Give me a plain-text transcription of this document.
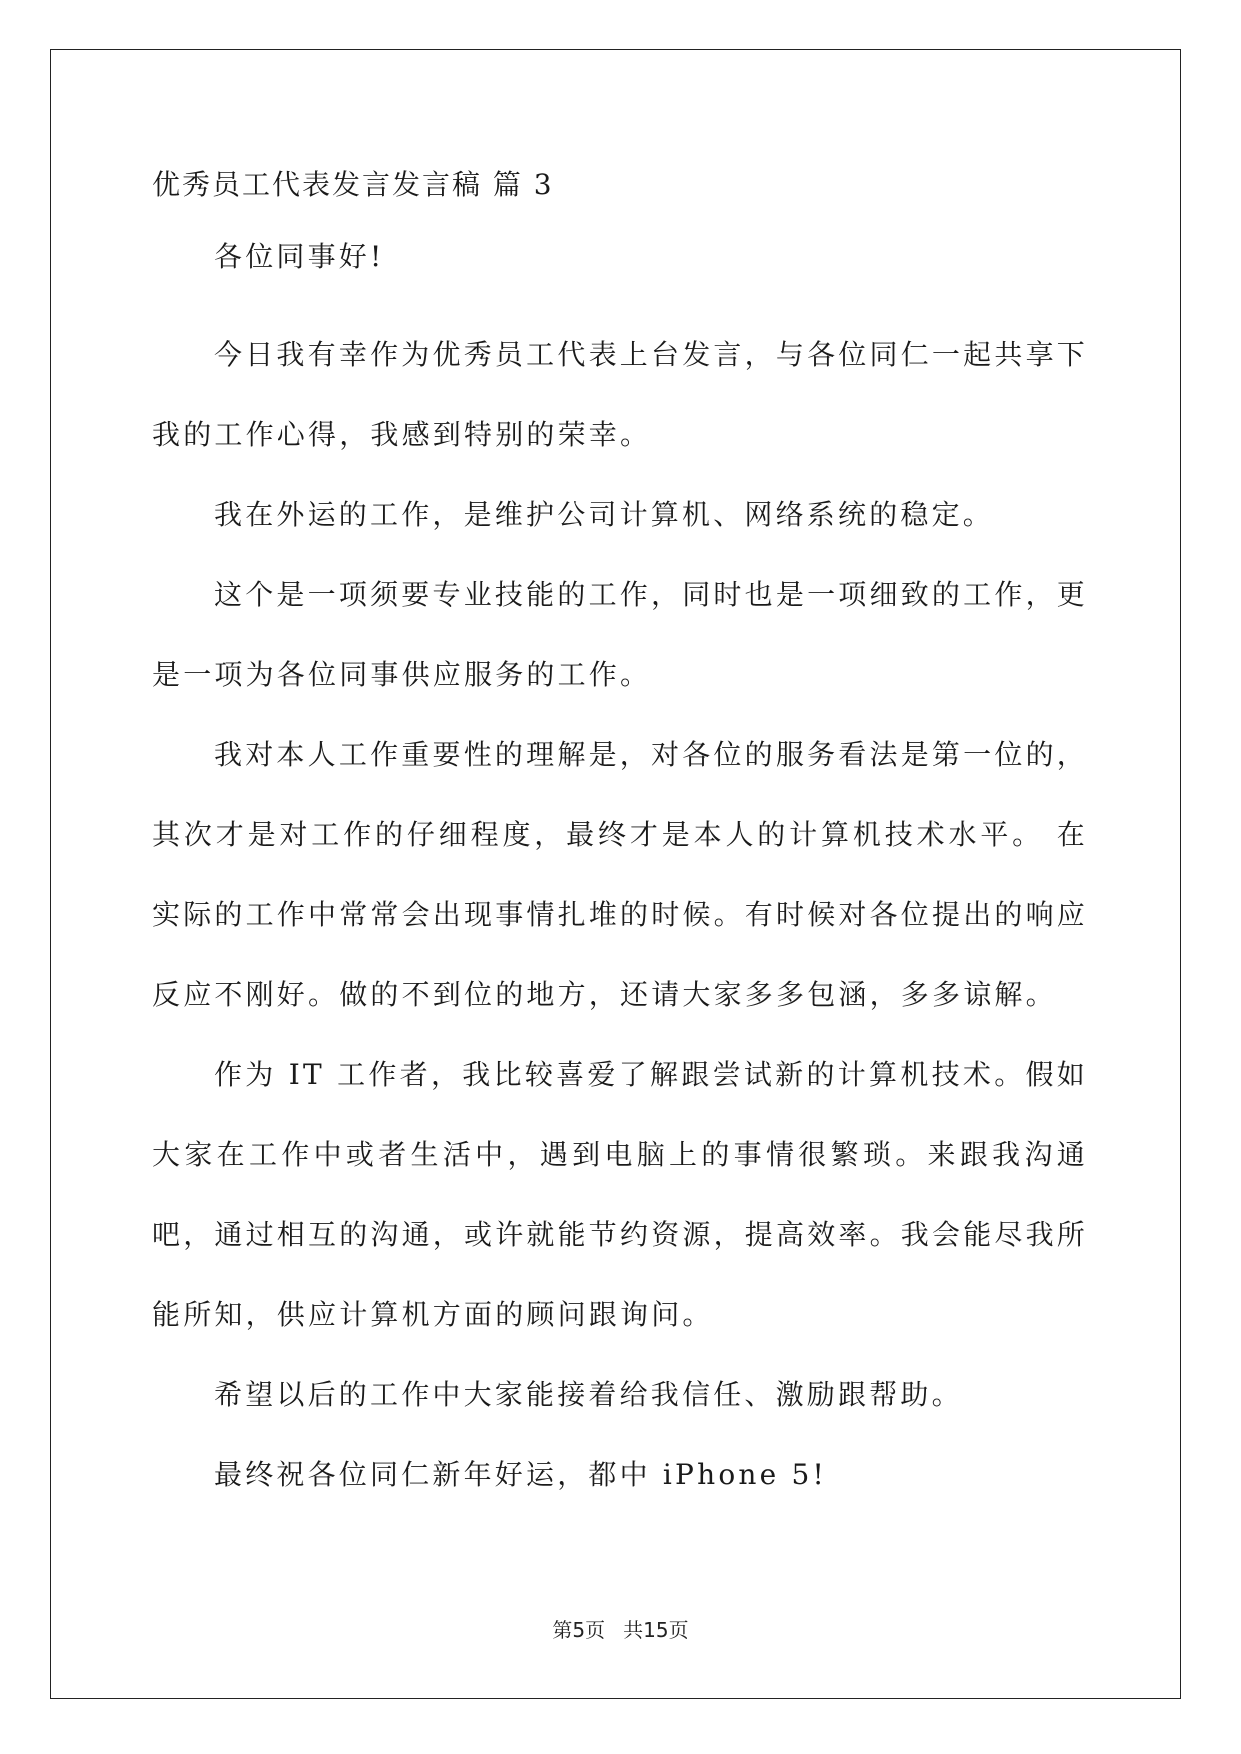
优秀员工代表发言发言稿 篇 3

各位同事好!

今日我有幸作为优秀员工代表上台发言，与各位同仁一起共享下我的工作心得，我感到特别的荣幸。

我在外运的工作，是维护公司计算机、网络系统的稳定。

这个是一项须要专业技能的工作，同时也是一项细致的工作，更是一项为各位同事供应服务的工作。

我对本人工作重要性的理解是，对各位的服务看法是第一位的，其次才是对工作的仔细程度，最终才是本人的计算机技术水平。 在实际的工作中常常会出现事情扎堆的时候。有时候对各位提出的响应反应不刚好。做的不到位的地方，还请大家多多包涵，多多谅解。

作为 IT 工作者，我比较喜爱了解跟尝试新的计算机技术。假如大家在工作中或者生活中，遇到电脑上的事情很繁琐。来跟我沟通吧，通过相互的沟通，或许就能节约资源，提高效率。我会能尽我所能所知，供应计算机方面的顾问跟询问。

希望以后的工作中大家能接着给我信任、激励跟帮助。

最终祝各位同仁新年好运，都中 iPhone 5!

第5页 共15页
